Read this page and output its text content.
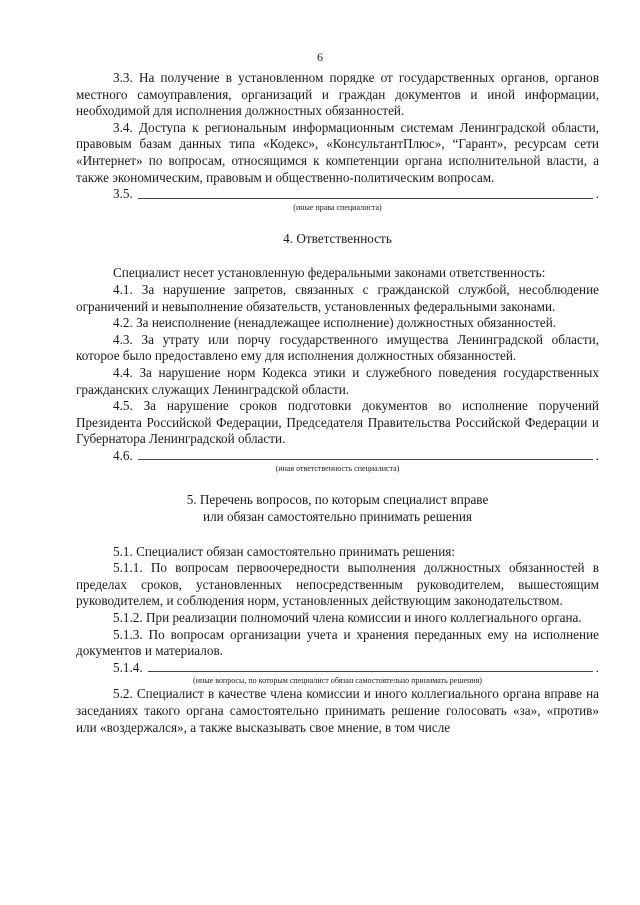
6

3.3. На получение в установленном порядке от государственных органов, органов местного самоуправления, организаций и граждан документов и иной информации, необходимой для исполнения должностных обязанностей.

3.4. Доступа к региональным информационным системам Ленинградской области, правовым базам данных типа «Кодекс», «КонсультантПлюс», “Гарант», ресурсам сети «Интернет» по вопросам, относящимся к компетенции органа исполнительной власти, а также экономическим, правовым и общественно-политическим вопросам.

3.5.	.

(иные права специалиста)

4. Ответственность

Специалист несет установленную федеральными законами ответственность:

4.1. За нарушение запретов, связанных с гражданской службой, несоблюдение ограничений и невыполнение обязательств, установленных федеральными законами.

4.2. За неисполнение (ненадлежащее исполнение) должностных обязанностей.

4.3. За утрату или порчу государственного имущества Ленинградской области, которое было предоставлено ему для исполнения должностных обязанностей.

4.4. За нарушение норм Кодекса этики и служебного поведения государственных гражданских служащих Ленинградской области.

4.5. За нарушение сроков подготовки документов во исполнение поручений Президента Российской Федерации, Председателя Правительства Российской Федерации и Губернатора Ленинградской области.

4.6.	.

(иная ответственность специалиста)

5. Перечень вопросов, по которым специалист вправе

или обязан самостоятельно принимать решения

5.1. Специалист обязан самостоятельно принимать решения:

5.1.1. По вопросам первоочередности выполнения должностных обязанностей в пределах сроков, установленных непосредственным руководителем, вышестоящим руководителем, и соблюдения норм, установленных действующим законодательством.

5.1.2. При реализации полномочий члена комиссии и иного коллегиального органа.

5.1.3. По вопросам организации учета и хранения переданных ему на исполнение документов и материалов.

5.1.4.	.

(иные вопросы, по которым специалист обязан самостоятельно принимать решения)

5.2. Специалист в качестве члена комиссии и иного коллегиального органа вправе на заседаниях такого органа самостоятельно принимать решение голосовать «за», «против» или «воздержался», а также высказывать свое мнение, в том числе
